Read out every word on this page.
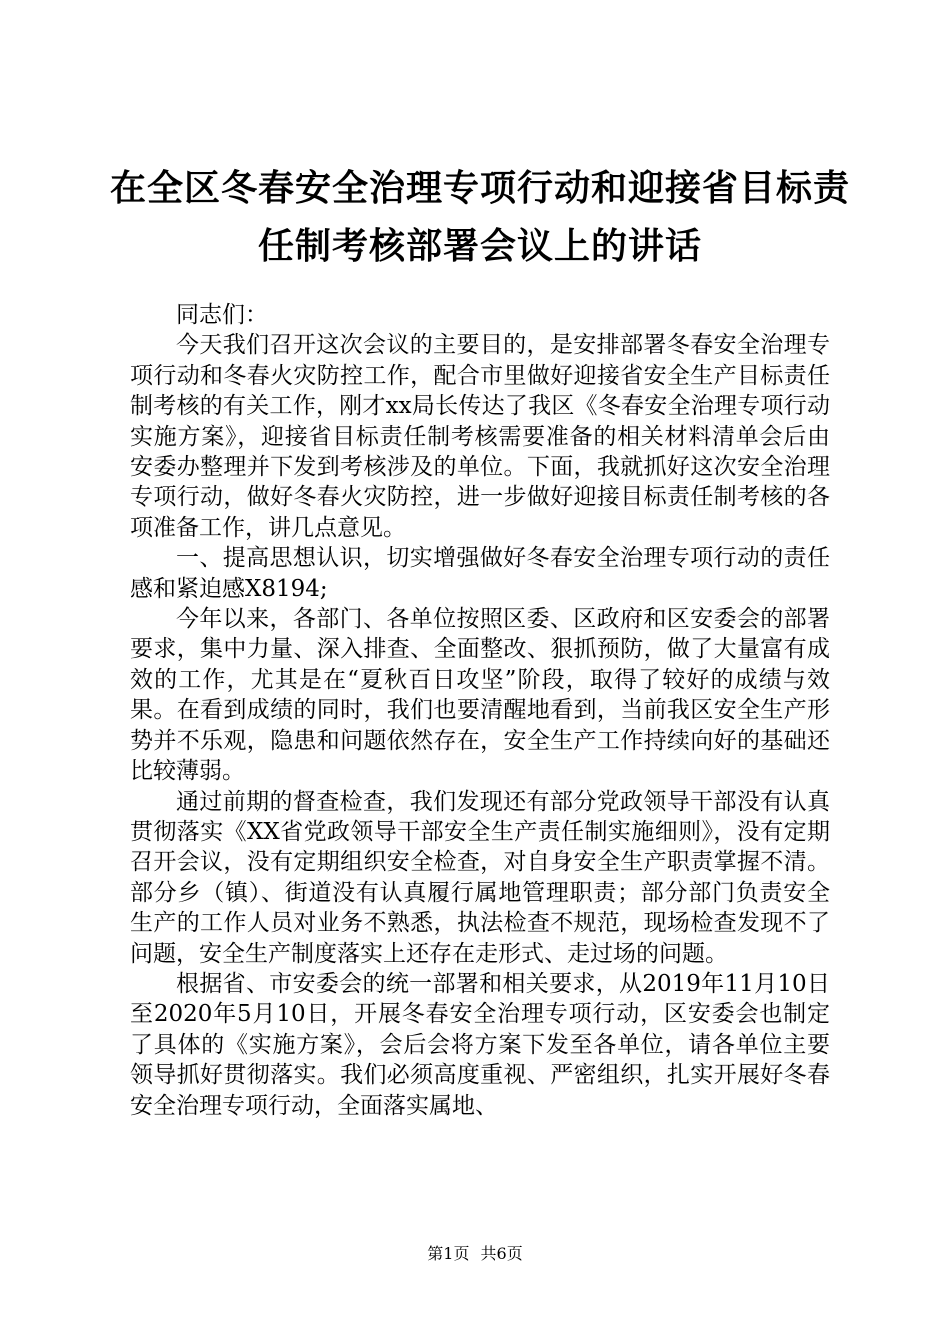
在全区冬春安全治理专项行动和迎接省目标责
任制考核部署会议上的讲话

同志们：

今天我们召开这次会议的主要目的，是安排部署冬春安全治理专项行动和冬春火灾防控工作，配合市里做好迎接省安全生产目标责任制考核的有关工作，刚才xx局长传达了我区《冬春安全治理专项行动实施方案》，迎接省目标责任制考核需要准备的相关材料清单会后由安委办整理并下发到考核涉及的单位。下面，我就抓好这次安全治理专项行动，做好冬春火灾防控，进一步做好迎接目标责任制考核的各项准备工作，讲几点意见。

一、提高思想认识，切实增强做好冬春安全治理专项行动的责任感和紧迫感X8194;

今年以来，各部门、各单位按照区委、区政府和区安委会的部署要求，集中力量、深入排查、全面整改、狠抓预防，做了大量富有成效的工作，尤其是在“夏秋百日攻坚”阶段，取得了较好的成绩与效果。在看到成绩的同时，我们也要清醒地看到，当前我区安全生产形势并不乐观，隐患和问题依然存在，安全生产工作持续向好的基础还比较薄弱。

通过前期的督查检查，我们发现还有部分党政领导干部没有认真贯彻落实《XX省党政领导干部安全生产责任制实施细则》，没有定期召开会议，没有定期组织安全检查，对自身安全生产职责掌握不清。部分乡（镇）、街道没有认真履行属地管理职责；部分部门负责安全生产的工作人员对业务不熟悉，执法检查不规范，现场检查发现不了问题，安全生产制度落实上还存在走形式、走过场的问题。

根据省、市安委会的统一部署和相关要求，从2019年11月10日至2020年5月10日，开展冬春安全治理专项行动，区安委会也制定了具体的《实施方案》，会后会将方案下发至各单位，请各单位主要领导抓好贯彻落实。我们必须高度重视、严密组织，扎实开展好冬春安全治理专项行动，全面落实属地、

第1页 共6页
